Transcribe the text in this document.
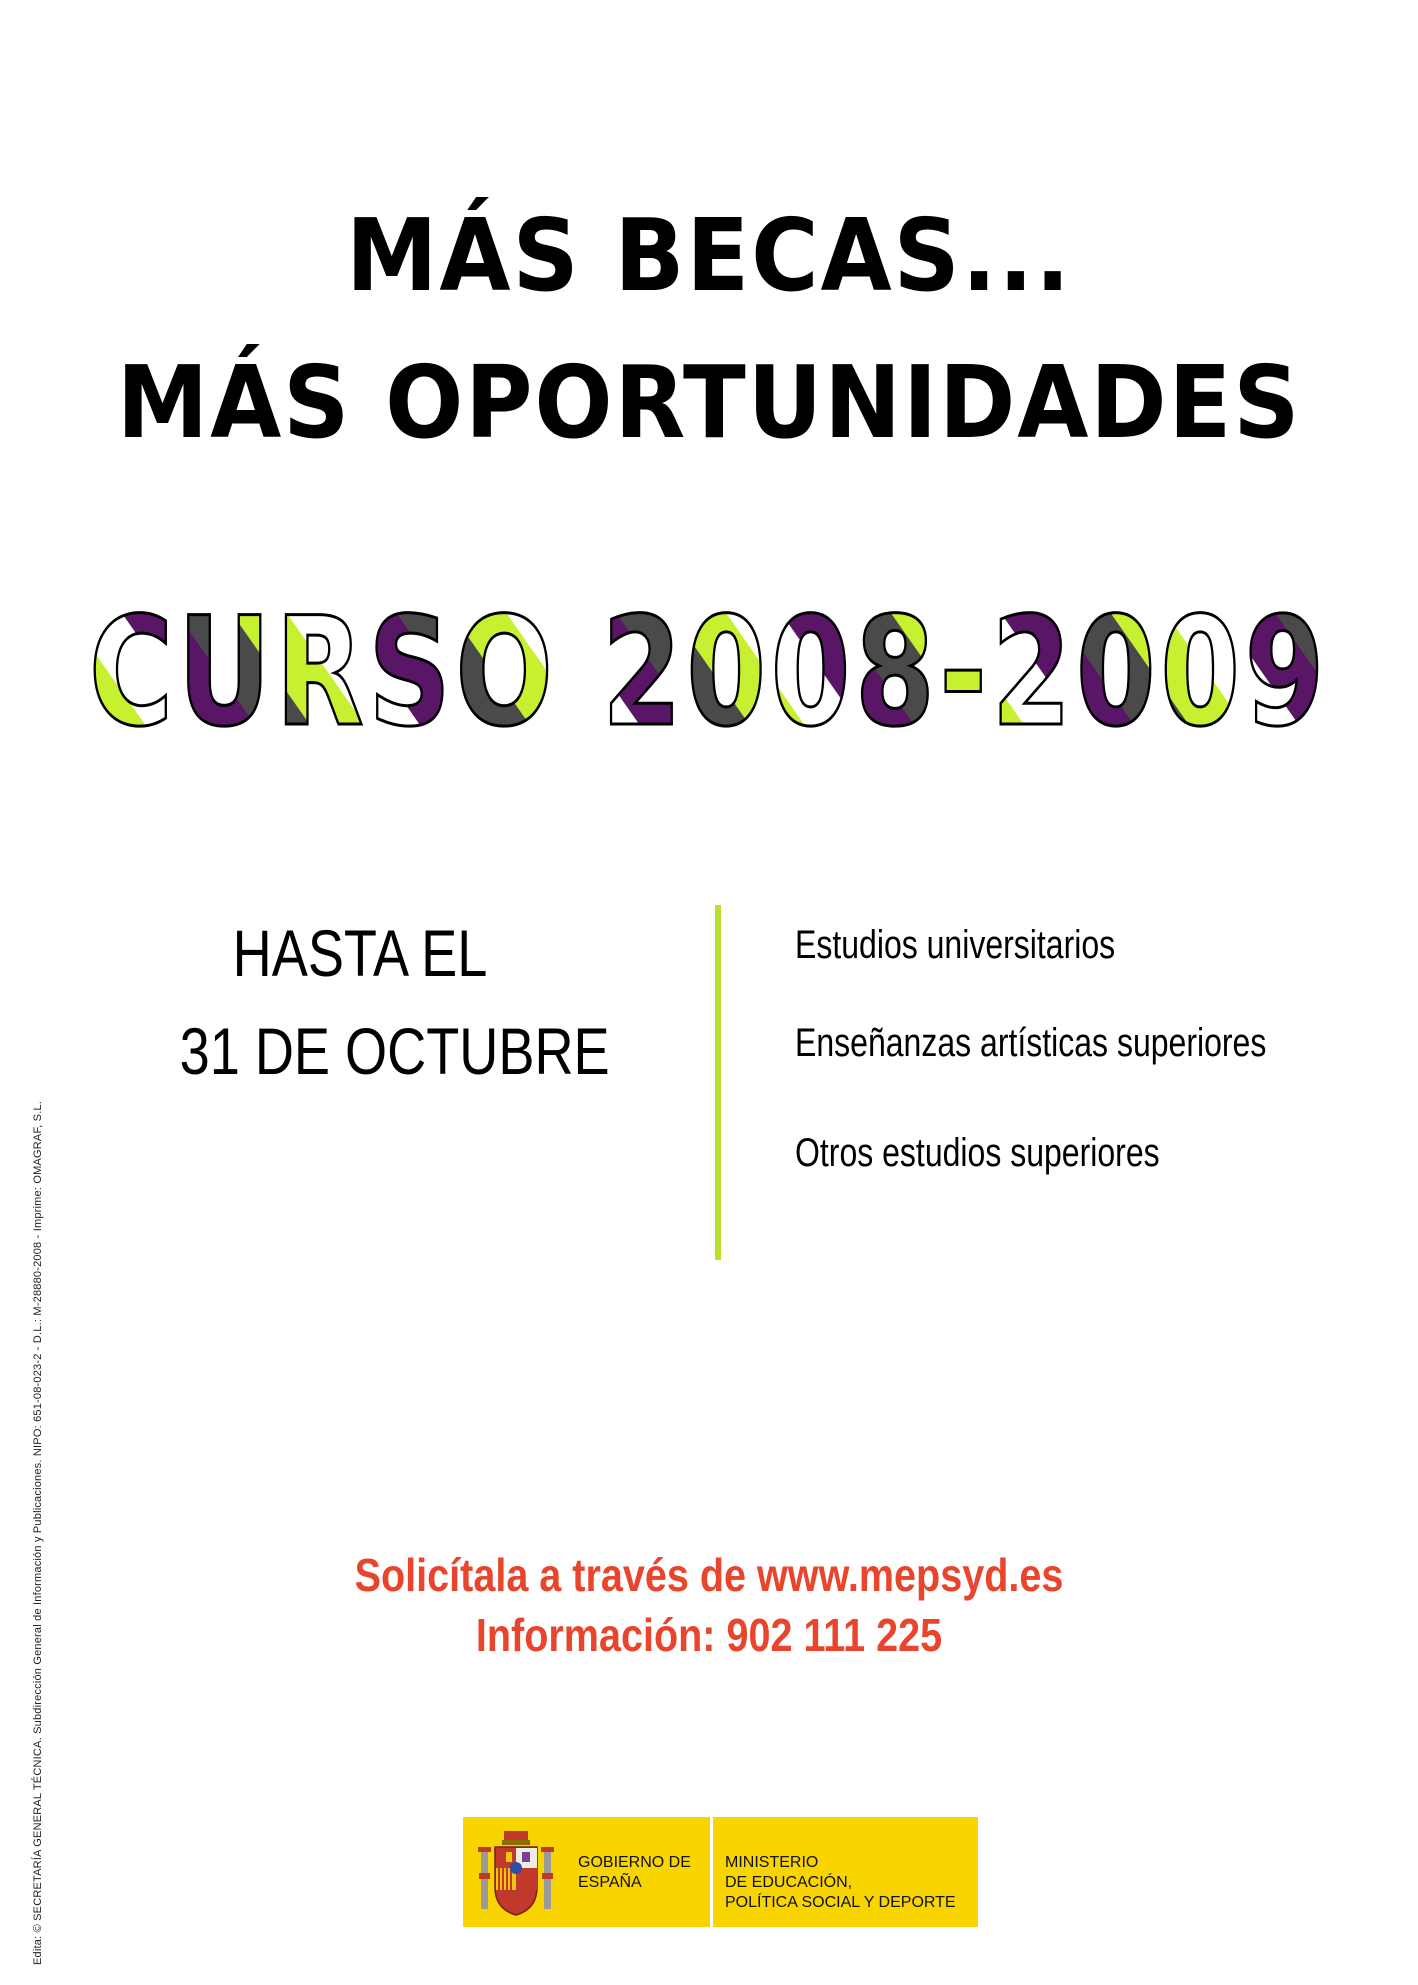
MÁS BECAS...
MÁS OPORTUNIDADES
CURSO 2008-2009
HASTA EL
31 DE OCTUBRE
Estudios universitarios
Enseñanzas artísticas superiores
Otros estudios superiores
Solicítala a través de www.mepsyd.es
Información: 902 111 225
Edita: © SECRETARÍA GENERAL TÉCNICA. Subdirección General de Información y Publicaciones. NIPO: 651-08-023-2 - D.L.: M-28880-2008 - Imprime: OMAGRAF, S.L.	GOBIERNO DE
ESPAÑA
MINISTERIO
DE EDUCACIÓN,
POLÍTICA SOCIAL Y DEPORTE
